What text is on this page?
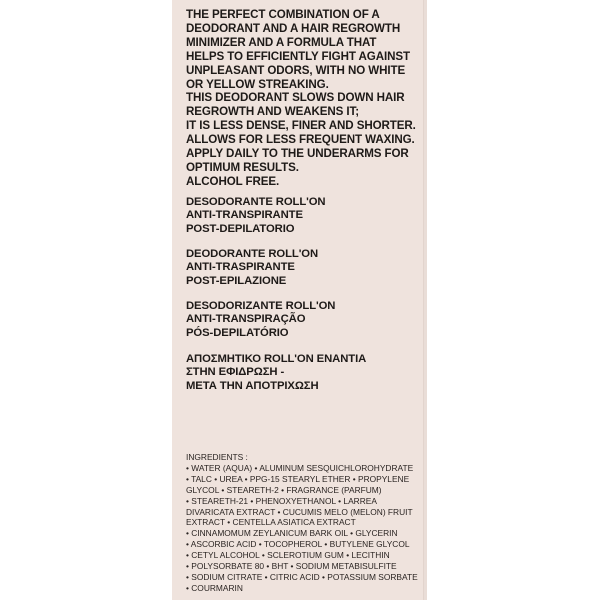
THE PERFECT COMBINATION OF A
DEODORANT AND A HAIR REGROWTH
MINIMIZER AND A FORMULA THAT
HELPS TO EFFICIENTLY FIGHT AGAINST
UNPLEASANT ODORS, WITH NO WHITE
OR YELLOW STREAKING.
THIS DEODORANT SLOWS DOWN HAIR
REGROWTH AND WEAKENS IT;
IT IS LESS DENSE, FINER AND SHORTER.
ALLOWS FOR LESS FREQUENT WAXING.
APPLY DAILY TO THE UNDERARMS FOR
OPTIMUM RESULTS.
ALCOHOL FREE.
DESODORANTE ROLL'ON
ANTI-TRANSPIRANTE
POST-DEPILATORIO
DEODORANTE ROLL'ON
ANTI-TRASPIRANTE
POST-EPILAZIONE
DESODORIZANTE ROLL'ON
ANTI-TRANSPIRAÇÃO
PÓS-DEPILATÓRIO
ΑΠΟΣΜΗΤΙΚΟ ROLL'ON ΕΝΑΝΤΙΑ
ΣΤΗΝ ΕΦΙΔΡΩΣΗ -
ΜΕΤΑ ΤΗΝ ΑΠΟΤΡΙΧΩΣΗ
INGREDIENTS :
• WATER (AQUA) • ALUMINUM SESQUICHLOROHYDRATE
• TALC • UREA • PPG-15 STEARYL ETHER • PROPYLENE
GLYCOL • STEARETH-2 • FRAGRANCE (PARFUM)
• STEARETH-21 • PHENOXYETHANOL • LARREA
DIVARICATA EXTRACT • CUCUMIS MELO (MELON) FRUIT
EXTRACT • CENTELLA ASIATICA EXTRACT
• CINNAMOMUM ZEYLANICUM BARK OIL • GLYCERIN
• ASCORBIC ACID • TOCOPHEROL • BUTYLENE GLYCOL
• CETYL ALCOHOL • SCLEROTIUM GUM • LECITHIN
• POLYSORBATE 80 • BHT • SODIUM METABISULFITE
• SODIUM CITRATE • CITRIC ACID • POTASSIUM SORBATE
• COURMARIN
